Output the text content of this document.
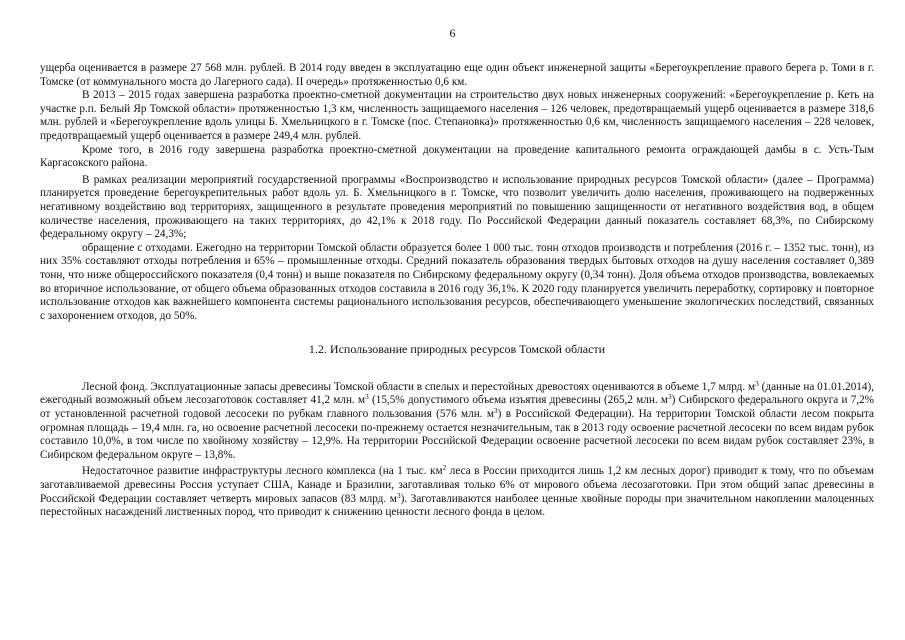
6

ущерба оценивается в размере 27 568 млн. рублей. В 2014 году введен в эксплуатацию еще один объект инженерной защиты «Берегоукрепление правого берега р. Томи в г. Томске (от коммунального моста до Лагерного сада). II очередь» протяженностью 0,6 км.

В 2013 – 2015 годах завершена разработка проектно-сметной документации на строительство двух новых инженерных сооружений: «Берегоукрепление р. Кеть на участке р.п. Белый Яр Томской области» протяженностью 1,3 км, численность защищаемого населения – 126 человек, предотвращаемый ущерб оценивается в размере 318,6 млн. рублей и «Берегоукрепление вдоль улицы Б. Хмельницкого в г. Томске (пос. Степановка)» протяженностью 0,6 км, численность защищаемого населения – 228 человек, предотвращаемый ущерб оценивается в размере 249,4 млн. рублей.

Кроме того, в 2016 году завершена разработка проектно-сметной документации на проведение капитального ремонта ограждающей дамбы в с. Усть-Тым Каргасокского района.

В рамках реализации мероприятий государственной программы «Воспроизводство и использование природных ресурсов Томской области» (далее – Программа) планируется проведение берегоукрепительных работ вдоль ул. Б. Хмельницкого в г. Томске, что позволит увеличить долю населения, проживающего на подверженных негативному воздействию вод территориях, защищенного в результате проведения мероприятий по повышению защищенности от негативного воздействия вод, в общем количестве населения, проживающего на таких территориях, до 42,1% к 2018 году. По Российской Федерации данный показатель составляет 68,3%, по Сибирскому федеральному округу – 24,3%;

обращение с отходами. Ежегодно на территории Томской области образуется более 1 000 тыс. тонн отходов производств и потребления (2016 г. – 1352 тыс. тонн), из них 35% составляют отходы потребления и 65% – промышленные отходы. Средний показатель образования твердых бытовых отходов на душу населения составляет 0,389 тонн, что ниже общероссийского показателя (0,4 тонн) и выше показателя по Сибирскому федеральному округу (0,34 тонн). Доля объема отходов производства, вовлекаемых во вторичное использование, от общего объема образованных отходов составила в 2016 году 36,1%. К 2020 году планируется увеличить переработку, сортировку и повторное использование отходов как важнейшего компонента системы рационального использования ресурсов, обеспечивающего уменьшение экологических последствий, связанных с захоронением отходов, до 50%.

1.2. Использование природных ресурсов Томской области

Лесной фонд. Эксплуатационные запасы древесины Томской области в спелых и перестойных древостоях оцениваются в объеме 1,7 млрд. $м^3$ (данные на 01.01.2014), ежегодный возможный объем лесозаготовок составляет 41,2 млн. $м^3$ (15,5% допустимого объема изъятия древесины (265,2 млн. $м^3$) Сибирского федерального округа и 7,2% от установленной расчетной годовой лесосеки по рубкам главного пользования (576 млн. $м^3$) в Российской Федерации). На территории Томской области лесом покрыта огромная площадь – 19,4 млн. га, но освоение расчетной лесосеки по-прежнему остается незначительным, так в 2013 году освоение расчетной лесосеки по всем видам рубок составило 10,0%, в том числе по хвойному хозяйству – 12,9%. На территории Российской Федерации освоение расчетной лесосеки по всем видам рубок составляет 23%, в Сибирском федеральном округе – 13,8%.

Недостаточное развитие инфраструктуры лесного комплекса (на 1 тыс. $км^2$ леса в России приходится лишь 1,2 км лесных дорог) приводит к тому, что по объемам заготавливаемой древесины Россия уступает США, Канаде и Бразилии, заготавливая только 6% от мирового объема лесозаготовки. При этом общий запас древесины в Российской Федерации составляет четверть мировых запасов (83 млрд. $м^3$). Заготавливаются наиболее ценные хвойные породы при значительном накоплении малоценных перестойных насаждений лиственных пород, что приводит к снижению ценности лесного фонда в целом.
